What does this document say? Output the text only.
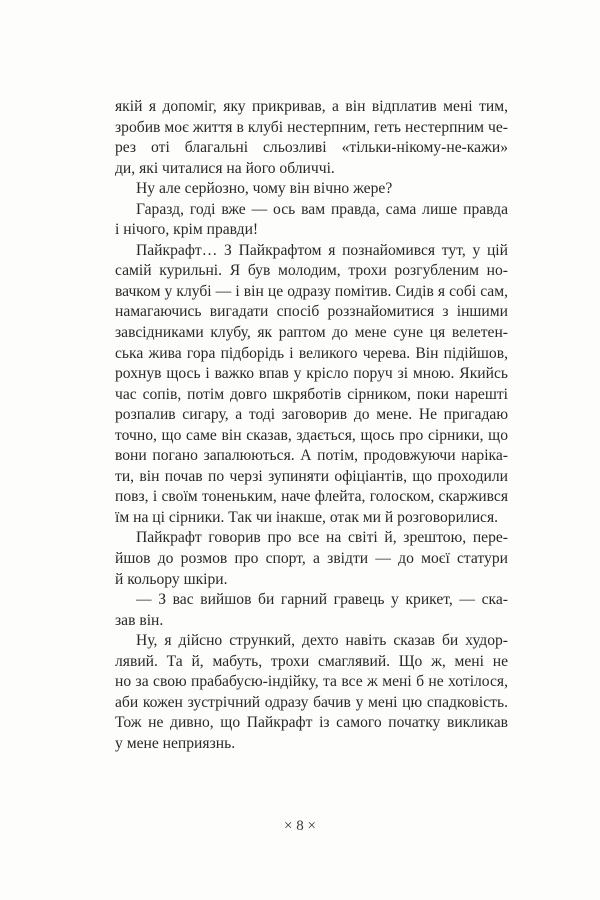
якій я допоміг, яку прикривав, а він відплатив мені тим,
зробив моє життя в клубі нестерпним, геть нестерпним че-
рез оті благальні сльозливі «тільки-нікому-не-кажи»
ди, які читалися на його обличчі.
Ну але серйозно, чому він вічно жере?
Гаразд, годі вже — ось вам правда, сама лише правда
і нічого, крім правди!
Пайкрафт… З Пайкрафтом я познайомився тут, у цій
самій курильні. Я був молодим, трохи розгубленим но-
вачком у клубі — і він це одразу помітив. Сидів я собі сам,
намагаючись вигадати спосіб роззнайомитися з іншими
завсідниками клубу, як раптом до мене суне ця велетен-
ська жива гора підборідь і великого черева. Він підійшов,
рохнув щось і важко впав у крісло поруч зі мною. Якийсь
час сопів, потім довго шкряботів сірником, поки нарешті
розпалив сигару, а тоді заговорив до мене. Не пригадаю
точно, що саме він сказав, здається, щось про сірники, що
вони погано запалюються. А потім, продовжуючи наріка-
ти, він почав по черзі зупиняти офіціантів, що проходили
повз, і своїм тоненьким, наче флейта, голоском, скаржився
їм на ці сірники. Так чи інакше, отак ми й розговорилися.
Пайкрафт говорив про все на світі й, зрештою, пере-
йшов до розмов про спорт, а звідти — до моєї статури
й кольору шкіри.
— З вас вийшов би гарний гравець у крикет, — ска-
зав він.
Ну, я дійсно стрункий, дехто навіть сказав би худор-
лявий. Та й, мабуть, трохи смаглявий. Що ж, мені не
но за свою прабабусю-індійку, та все ж мені б не хотілося,
аби кожен зустрічний одразу бачив у мені цю спадковість.
Тож не дивно, що Пайкрафт із самого початку викликав
у мене неприязнь.
× 8 ×
